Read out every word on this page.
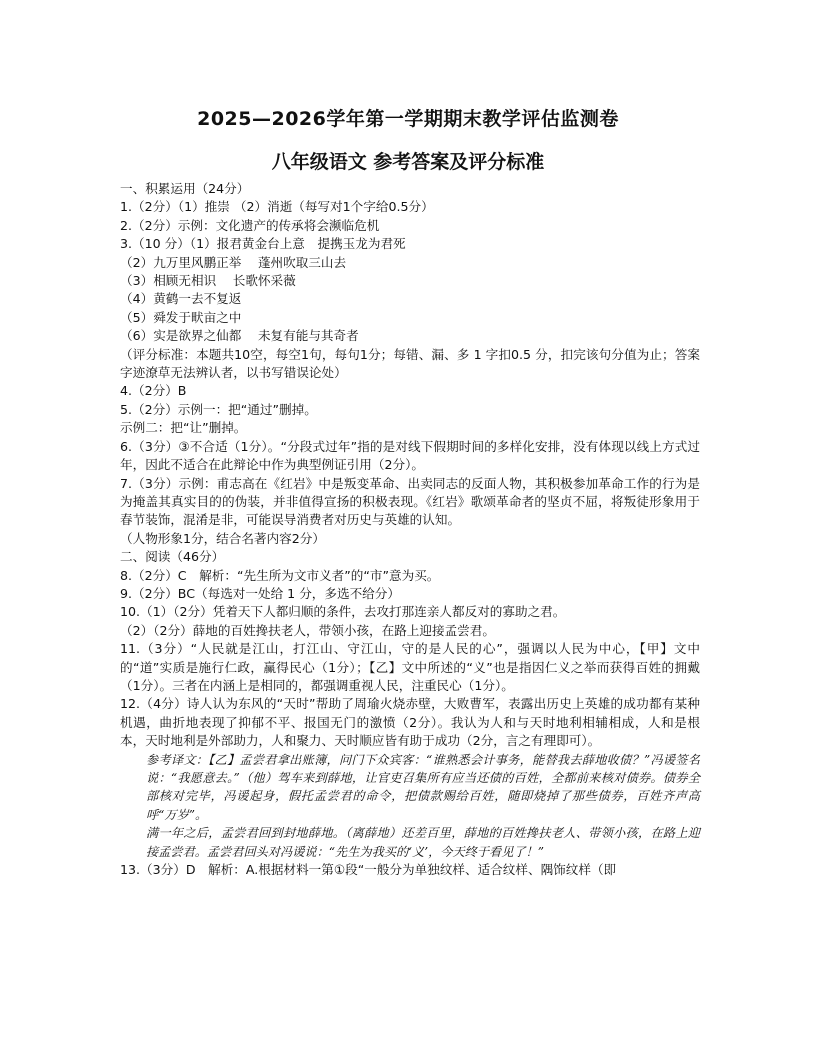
2025—2026学年第一学期期末教学评估监测卷
八年级语文 参考答案及评分标准
一、积累运用（24分）
1.（2分）（1）推崇 （2）消逝（每写对1个字给0.5分）
2.（2分）示例：文化遗产的传承将会濒临危机
3.（10 分）（1）报君黄金台上意　提携玉龙为君死
（2）九万里风鹏正举　 蓬州吹取三山去
（3）相顾无相识　 长歌怀采薇
（4）黄鹤一去不复返
（5）舜发于畎亩之中
（6）实是欲界之仙都　 未复有能与其奇者
（评分标准：本题共10空，每空1句，每句1分；每错、漏、多 1 字扣0.5 分，扣完该句分值为止；答案字迹潦草无法辨认者，以书写错误论处）
4.（2分）B
5.（2分）示例一：把“通过”删掉。
示例二：把“让”删掉。
6.（3分）③不合适（1分）。“分段式过年”指的是对线下假期时间的多样化安排，没有体现以线上方式过年，因此不适合在此辩论中作为典型例证引用（2分）。
7.（3分）示例：甫志高在《红岩》中是叛变革命、出卖同志的反面人物，其积极参加革命工作的行为是为掩盖其真实目的的伪装，并非值得宣扬的积极表现。《红岩》歌颂革命者的坚贞不屈，将叛徒形象用于春节装饰，混淆是非，可能误导消费者对历史与英雄的认知。
（人物形象1分，结合名著内容2分）
二、阅读（46分）
8.（2分）C　解析：“先生所为文市义者”的“市”意为买。
9.（2分）BC（每选对一处给 1 分，多选不给分）
10.（1）（2分）凭着天下人都归顺的条件，去攻打那连亲人都反对的寡助之君。
（2）（2分）薛地的百姓搀扶老人，带领小孩，在路上迎接孟尝君。
11.（3分）“人民就是江山，打江山、守江山，守的是人民的心”，强调以人民为中心，【甲】文中的“道”实质是施行仁政，赢得民心（1分）；【乙】文中所述的“义”也是指因仁义之举而获得百姓的拥戴（1分）。三者在内涵上是相同的，都强调重视人民，注重民心（1分）。
12.（4分）诗人认为东风的“天时”帮助了周瑜火烧赤壁，大败曹军，表露出历史上英雄的成功都有某种机遇，曲折地表现了抑郁不平、报国无门的激愤（2分）。我认为人和与天时地利相辅相成，人和是根本，天时地利是外部助力，人和聚力、天时顺应皆有助于成功（2分，言之有理即可）。
参考译文：【乙】孟尝君拿出账簿，问门下众宾客：“谁熟悉会计事务，能替我去薛地收债？”冯谖签名说：“我愿意去。”（他）驾车来到薛地，让官吏召集所有应当还债的百姓，全都前来核对债券。债券全部核对完毕，冯谖起身，假托孟尝君的命令，把债款赐给百姓，随即烧掉了那些债券，百姓齐声高呼“万岁”。
满一年之后，孟尝君回到封地薛地。（离薛地）还差百里，薛地的百姓搀扶老人、带领小孩，在路上迎接孟尝君。孟尝君回头对冯谖说：“先生为我买的‘义’，今天终于看见了！”
13.（3分）D　解析：A.根据材料一第①段“一般分为单独纹样、适合纹样、隅饰纹样（即
